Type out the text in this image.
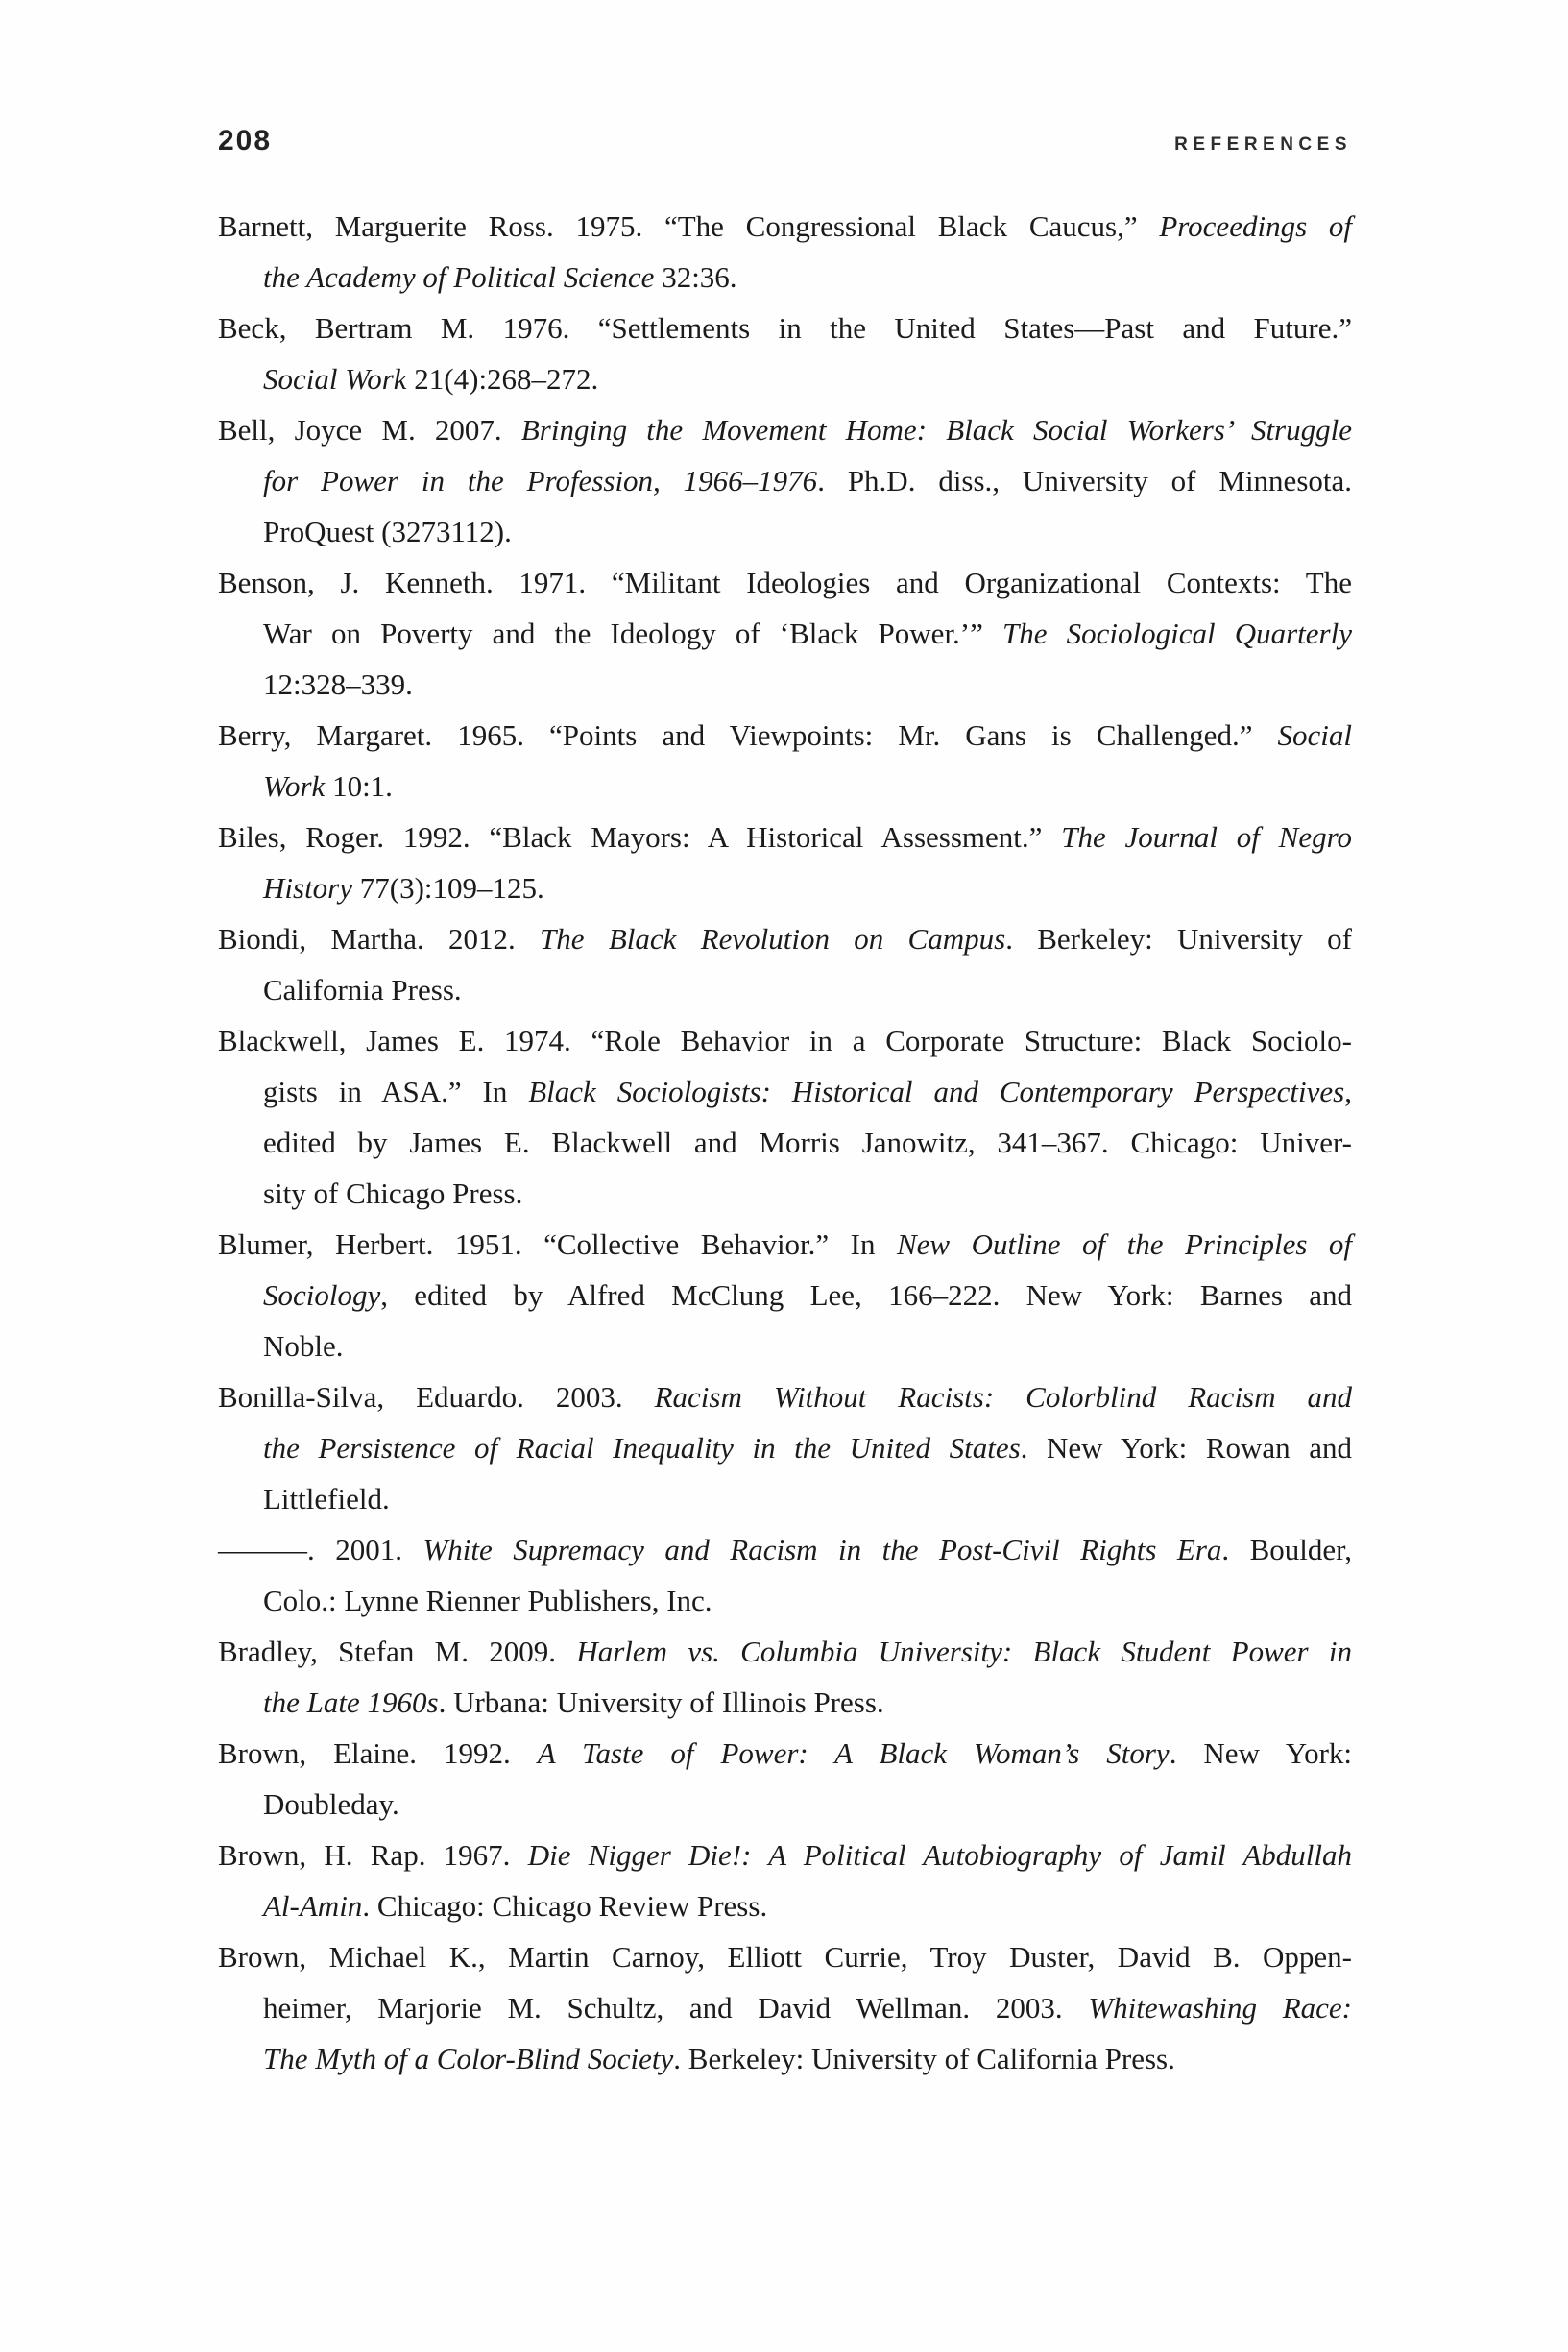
208	REFERENCES

Barnett, Marguerite Ross. 1975. “The Congressional Black Caucus,” Proceedings of

the Academy of Political Science 32:36.

Beck, Bertram M. 1976. “Settlements in the United States—Past and Future.”

Social Work 21(4):268–272.

Bell, Joyce M. 2007. Bringing the Movement Home: Black Social Workers’ Struggle

for Power in the Profession, 1966–1976. Ph.D. diss., University of Minnesota.

ProQuest (3273112).

Benson, J. Kenneth. 1971. “Militant Ideologies and Organizational Contexts: The

War on Poverty and the Ideology of ‘Black Power.’” The Sociological Quarterly

12:328–339.

Berry, Margaret. 1965. “Points and Viewpoints: Mr. Gans is Challenged.” Social

Work 10:1.

Biles, Roger. 1992. “Black Mayors: A Historical Assessment.” The Journal of Negro

History 77(3):109–125.

Biondi, Martha. 2012. The Black Revolution on Campus. Berkeley: University of

California Press.

Blackwell, James E. 1974. “Role Behavior in a Corporate Structure: Black Sociolo-

gists in ASA.” In Black Sociologists: Historical and Contemporary Perspectives,

edited by James E. Blackwell and Morris Janowitz, 341–367. Chicago: Univer-

sity of Chicago Press.

Blumer, Herbert. 1951. “Collective Behavior.” In New Outline of the Principles of

Sociology, edited by Alfred McClung Lee, 166–222. New York: Barnes and

Noble.

Bonilla-Silva, Eduardo. 2003. Racism Without Racists: Colorblind Racism and

the Persistence of Racial Inequality in the United States. New York: Rowan and

Littlefield.

———. 2001. White Supremacy and Racism in the Post-Civil Rights Era. Boulder,

Colo.: Lynne Rienner Publishers, Inc.

Bradley, Stefan M. 2009. Harlem vs. Columbia University: Black Student Power in

the Late 1960s. Urbana: University of Illinois Press.

Brown, Elaine. 1992. A Taste of Power: A Black Woman’s Story. New York:

Doubleday.

Brown, H. Rap. 1967. Die Nigger Die!: A Political Autobiography of Jamil Abdullah

Al-Amin. Chicago: Chicago Review Press.

Brown, Michael K., Martin Carnoy, Elliott Currie, Troy Duster, David B. Oppen-

heimer, Marjorie M. Schultz, and David Wellman. 2003. Whitewashing Race:

The Myth of a Color-Blind Society. Berkeley: University of California Press.
